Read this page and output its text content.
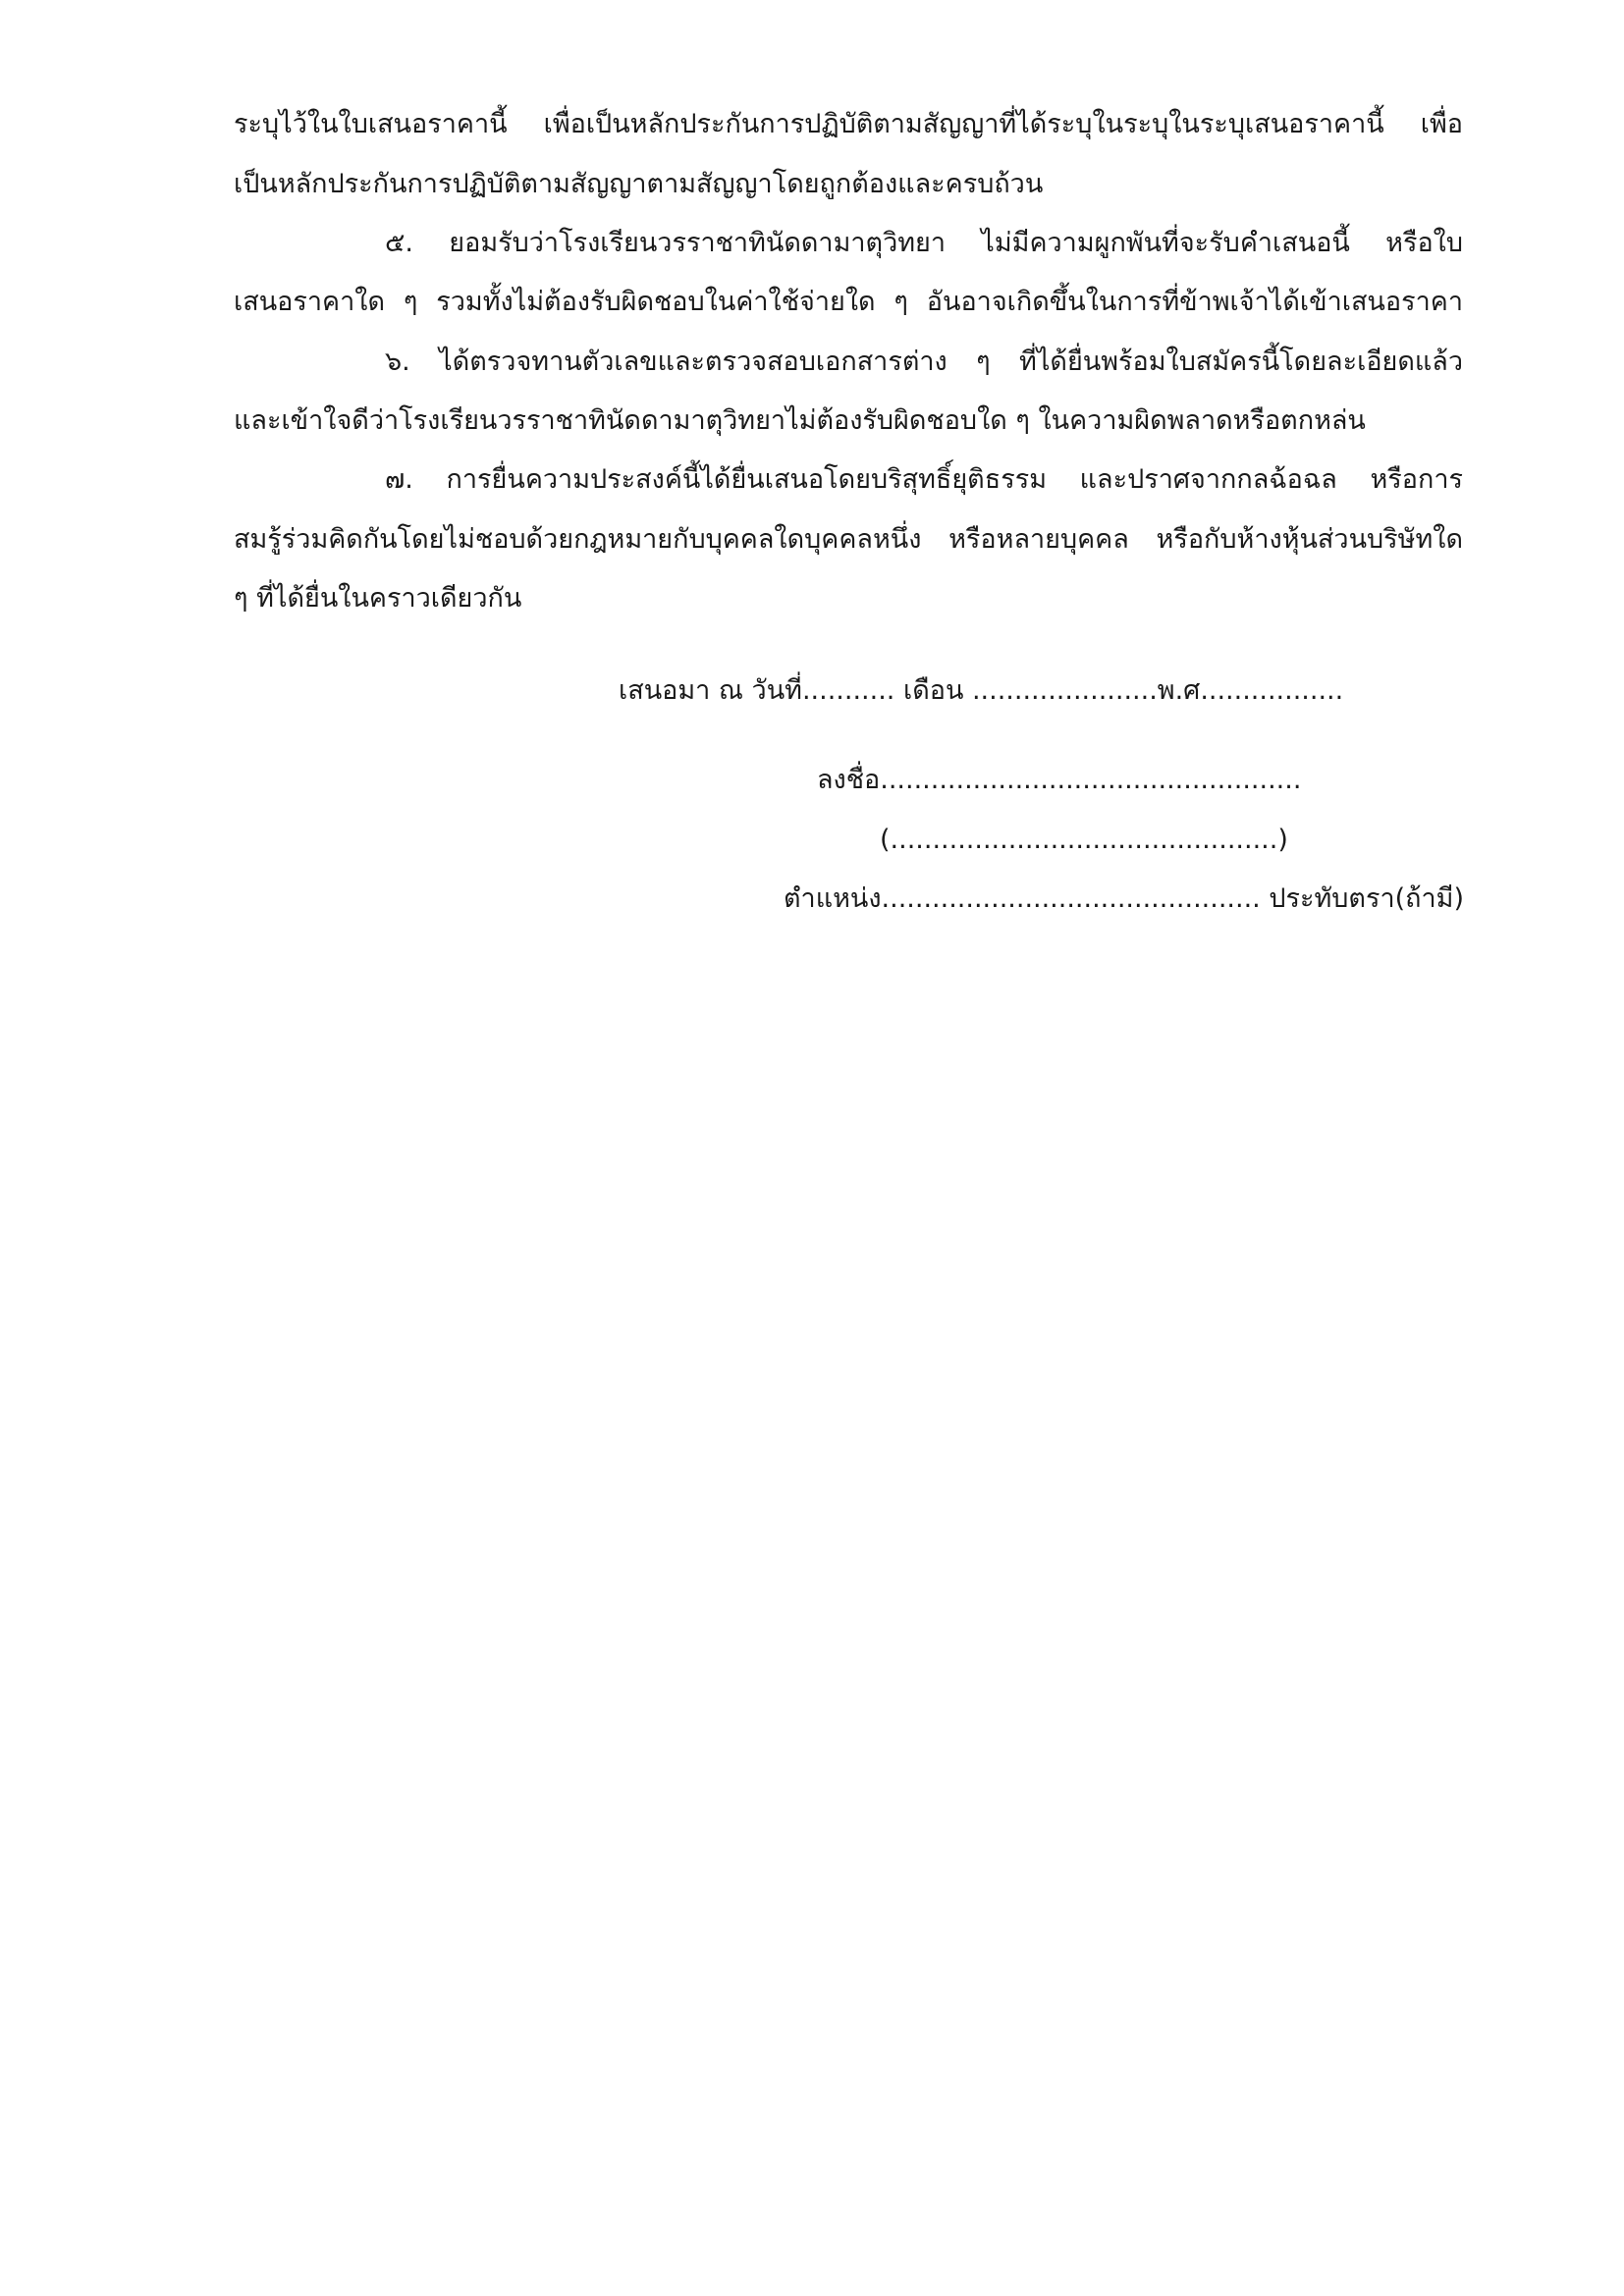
ระบุไว้ในใบเสนอราคานี้ เพื่อเป็นหลักประกันการปฏิบัติตามสัญญาที่ได้ระบุในระบุในระบุเสนอราคานี้ เพื่อ
เป็นหลักประกันการปฏิบัติตามสัญญาตามสัญญาโดยถูกต้องและครบถ้วน
๕. ยอมรับว่าโรงเรียนวรราชาทินัดดามาตุวิทยา ไม่มีความผูกพันที่จะรับคำเสนอนี้ หรือใบ
เสนอราคาใด ๆ รวมทั้งไม่ต้องรับผิดชอบในค่าใช้จ่ายใด ๆ อันอาจเกิดขึ้นในการที่ข้าพเจ้าได้เข้าเสนอราคา
๖. ได้ตรวจทานตัวเลขและตรวจสอบเอกสารต่าง ๆ ที่ได้ยื่นพร้อมใบสมัครนี้โดยละเอียดแล้ว
และเข้าใจดีว่าโรงเรียนวรราชาทินัดดามาตุวิทยาไม่ต้องรับผิดชอบใด ๆ ในความผิดพลาดหรือตกหล่น
๗. การยื่นความประสงค์นี้ได้ยื่นเสนอโดยบริสุทธิ์ยุติธรรม และปราศจากกลฉ้อฉล หรือการ
สมรู้ร่วมคิดกันโดยไม่ชอบด้วยกฎหมายกับบุคคลใดบุคคลหนึ่ง หรือหลายบุคคล หรือกับห้างหุ้นส่วนบริษัทใด
ๆ ที่ได้ยื่นในคราวเดียวกัน
เสนอมา ณ วันที่........... เดือน ......................พ.ศ.................
ลงชื่อ..................................................
(..............................................)
ตำแหน่ง............................................. ประทับตรา(ถ้ามี)
